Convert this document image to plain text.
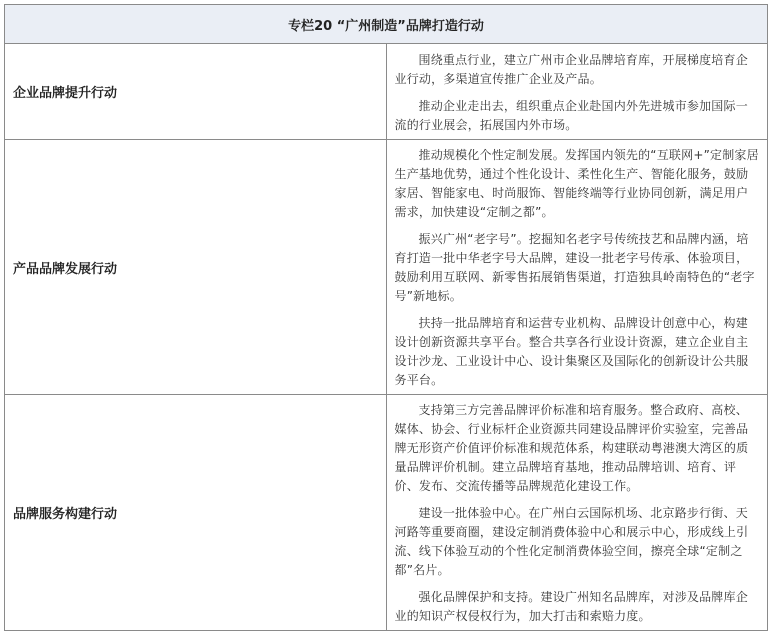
专栏20 “广州制造”品牌打造行动	
企业品牌提升行动	围绕重点行业，建立广州市企业品牌培育库，开展梯度培育企业行动，多渠道宣传推广企业及产品。

推动企业走出去，组织重点企业赴国内外先进城市参加国际一流的行业展会，拓展国内外市场。

产品品牌发展行动	推动规模化个性定制发展。发挥国内领先的“互联网+”定制家居生产基地优势，通过个性化设计、柔性化生产、智能化服务，鼓励家居、智能家电、时尚服饰、智能终端等行业协同创新，满足用户需求，加快建设“定制之都”。

振兴广州“老字号”。挖掘知名老字号传统技艺和品牌内涵，培育打造一批中华老字号大品牌，建设一批老字号传承、体验项目，鼓励利用互联网、新零售拓展销售渠道，打造独具岭南特色的“老字号”新地标。

扶持一批品牌培育和运营专业机构、品牌设计创意中心，构建设计创新资源共享平台。整合共享各行业设计资源，建立企业自主设计沙龙、工业设计中心、设计集聚区及国际化的创新设计公共服务平台。

品牌服务构建行动	支持第三方完善品牌评价标准和培育服务。整合政府、高校、媒体、协会、行业标杆企业资源共同建设品牌评价实验室，完善品牌无形资产价值评价标准和规范体系，构建联动粤港澳大湾区的质量品牌评价机制。建立品牌培育基地，推动品牌培训、培育、评价、发布、交流传播等品牌规范化建设工作。

建设一批体验中心。在广州白云国际机场、北京路步行街、天河路等重要商圈，建设定制消费体验中心和展示中心，形成线上引流、线下体验互动的个性化定制消费体验空间，擦亮全球“定制之都”名片。

强化品牌保护和支持。建设广州知名品牌库，对涉及品牌库企业的知识产权侵权行为，加大打击和索赔力度。
